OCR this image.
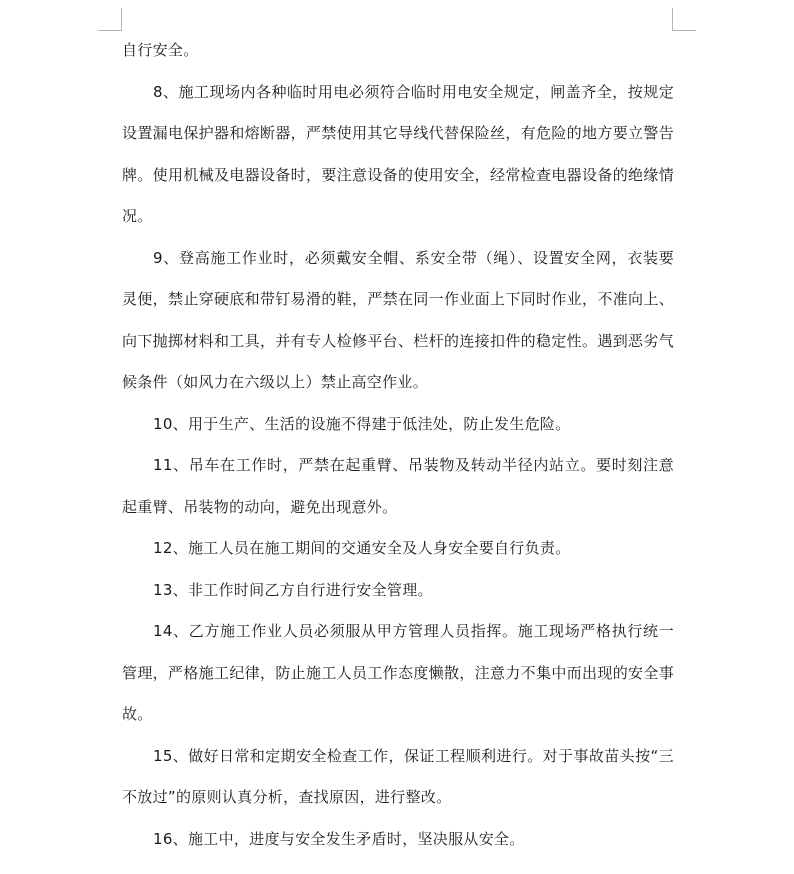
自行安全。

8、施工现场内各种临时用电必须符合临时用电安全规定，闸盖齐全，按规定设置漏电保护器和熔断器，严禁使用其它导线代替保险丝，有危险的地方要立警告牌。使用机械及电器设备时，要注意设备的使用安全，经常检查电器设备的绝缘情况。

9、登高施工作业时，必须戴安全帽、系安全带（绳）、设置安全网，衣装要灵便，禁止穿硬底和带钉易滑的鞋，严禁在同一作业面上下同时作业，不准向上、向下抛掷材料和工具，并有专人检修平台、栏杆的连接扣件的稳定性。遇到恶劣气候条件（如风力在六级以上）禁止高空作业。

10、用于生产、生活的设施不得建于低洼处，防止发生危险。

11、吊车在工作时，严禁在起重臂、吊装物及转动半径内站立。要时刻注意起重臂、吊装物的动向，避免出现意外。

12、施工人员在施工期间的交通安全及人身安全要自行负责。

13、非工作时间乙方自行进行安全管理。

14、乙方施工作业人员必须服从甲方管理人员指挥。施工现场严格执行统一管理，严格施工纪律，防止施工人员工作态度懒散，注意力不集中而出现的安全事故。

15、做好日常和定期安全检查工作，保证工程顺利进行。对于事故苗头按“三不放过”的原则认真分析，查找原因，进行整改。

16、施工中，进度与安全发生矛盾时，坚决服从安全。
